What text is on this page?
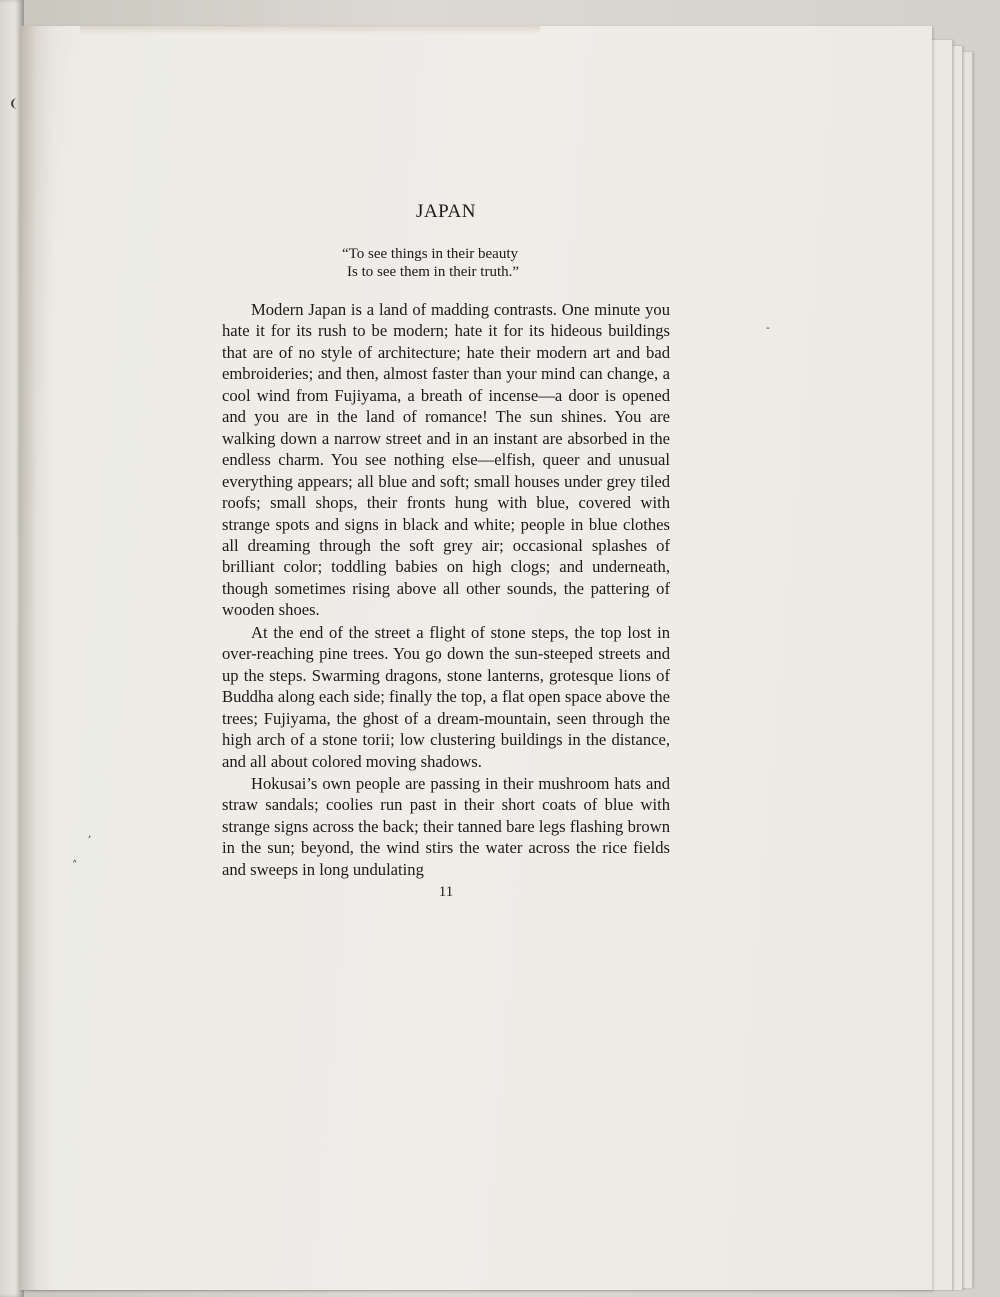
JAPAN
“To see things in their beauty
Is to see them in their truth.”

Modern Japan is a land of madding contrasts. One minute you hate it for its rush to be modern; hate it for its hideous buildings that are of no style of architecture; hate their modern art and bad embroideries; and then, almost faster than your mind can change, a cool wind from Fujiyama, a breath of incense—a door is opened and you are in the land of romance! The sun shines. You are walking down a narrow street and in an instant are absorbed in the endless charm. You see nothing else—elfish, queer and unusual everything appears; all blue and soft; small houses under grey tiled roofs; small shops, their fronts hung with blue, covered with strange spots and signs in black and white; people in blue clothes all dreaming through the soft grey air; occasional splashes of brilliant color; toddling babies on high clogs; and underneath, though sometimes rising above all other sounds, the pattering of wooden shoes.

At the end of the street a flight of stone steps, the top lost in over-reaching pine trees. You go down the sun-steeped streets and up the steps. Swarming dragons, stone lanterns, grotesque lions of Buddha along each side; finally the top, a flat open space above the trees; Fujiyama, the ghost of a dream-mountain, seen through the high arch of a stone torii; low clustering buildings in the distance, and all about colored moving shadows.

Hokusai’s own people are passing in their mushroom hats and straw sandals; coolies run past in their short coats of blue with strange signs across the back; their tanned bare legs flashing brown in the sun; beyond, the wind stirs the water across the rice fields and sweeps in long undulating

11
❨
˄
,
-
